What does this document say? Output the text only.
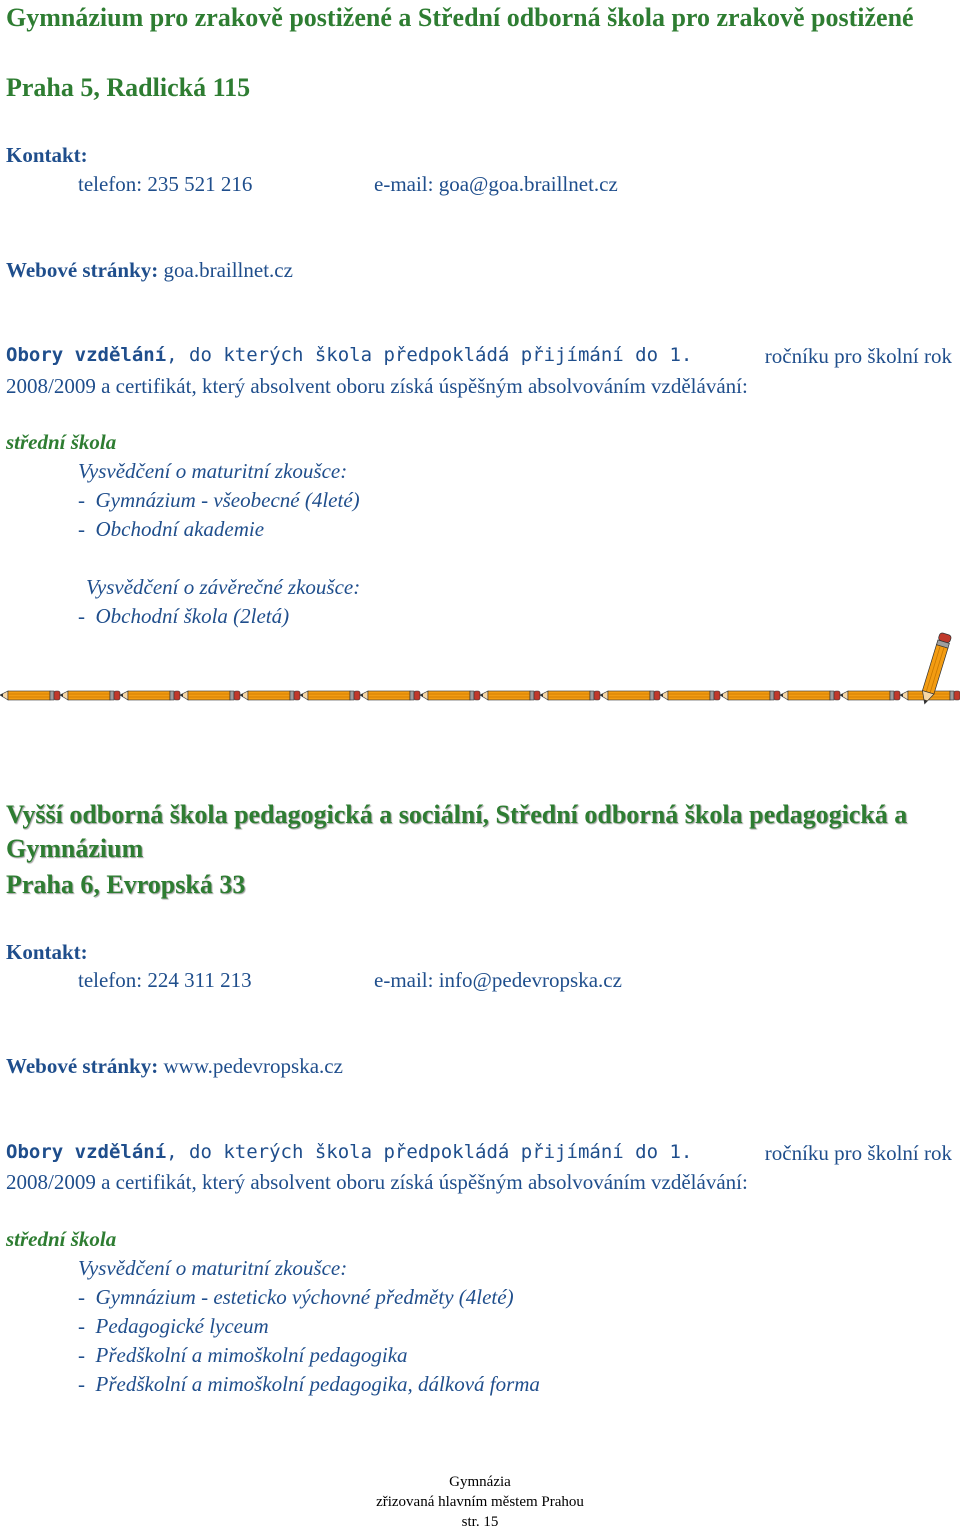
Gymnázium pro zrakově postižené a Střední odborná škola pro zrakově postižené
Praha 5, Radlická 115
Kontakt:
telefon: 235 521 216	e-mail: goa@goa.braillnet.cz
Webové stránky: goa.braillnet.cz
Obory vzdělání, do kterých škola předpokládá přijímání do 1.	ročníku pro školní rok
2008/2009 a certifikát, který absolvent oboru získá úspěšným absolvováním vzdělávání:
střední škola
Vysvědčení o maturitní zkoušce:
-  Gymnázium - všeobecné (4leté)
-  Obchodní akademie
Vysvědčení o závěrečné zkoušce:
-  Obchodní škola (2letá)
Vyšší odborná škola pedagogická a sociální, Střední odborná škola pedagogická a Gymnázium
Praha 6, Evropská 33
Kontakt:
telefon: 224 311 213	e-mail: info@pedevropska.cz
Webové stránky: www.pedevropska.cz
Obory vzdělání, do kterých škola předpokládá přijímání do 1.	ročníku pro školní rok
2008/2009 a certifikát, který absolvent oboru získá úspěšným absolvováním vzdělávání:
střední škola
Vysvědčení o maturitní zkoušce:
-  Gymnázium - esteticko výchovné předměty (4leté)
-  Pedagogické lyceum
-  Předškolní a mimoškolní pedagogika
-  Předškolní a mimoškolní pedagogika, dálková forma
Gymnázia
zřizovaná hlavním městem Prahou
str. 15
